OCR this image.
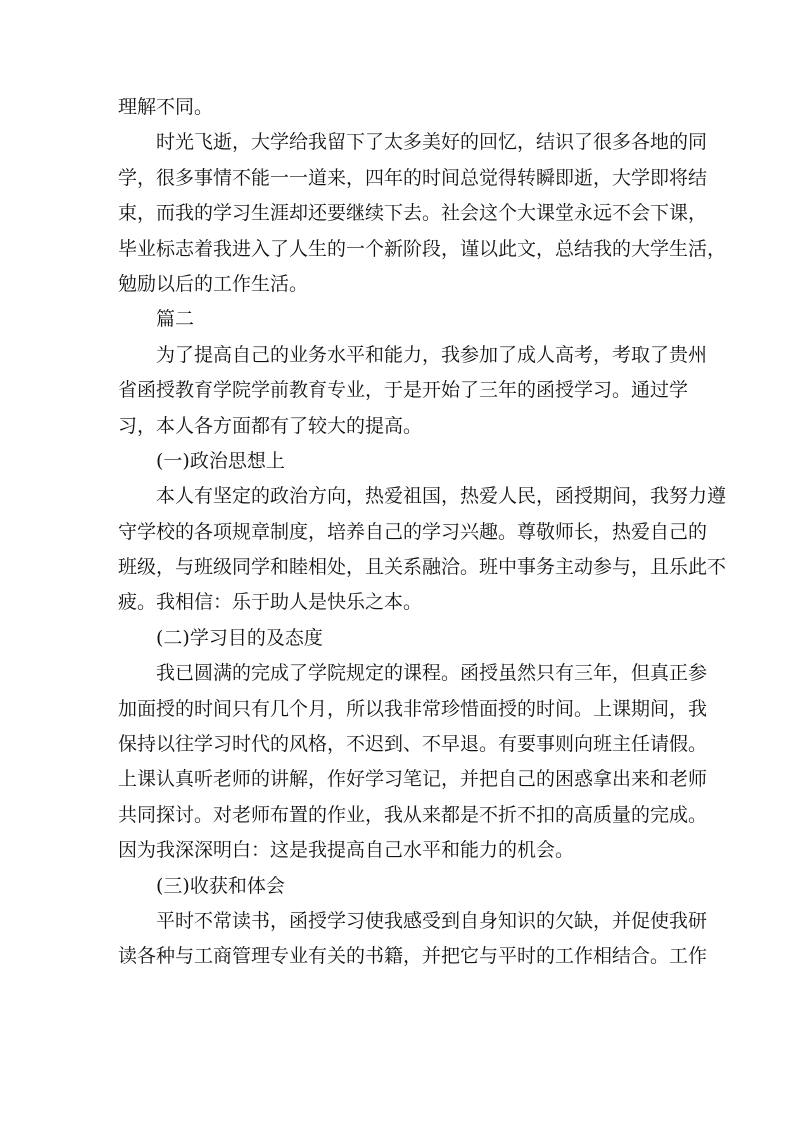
理解不同。
时光飞逝，大学给我留下了太多美好的回忆，结识了很多各地的同
学，很多事情不能一一道来，四年的时间总觉得转瞬即逝，大学即将结
束，而我的学习生涯却还要继续下去。社会这个大课堂永远不会下课，
毕业标志着我进入了人生的一个新阶段，谨以此文，总结我的大学生活，
勉励以后的工作生活。
篇二
为了提高自己的业务水平和能力，我参加了成人高考，考取了贵州
省函授教育学院学前教育专业，于是开始了三年的函授学习。通过学
习，本人各方面都有了较大的提高。
(一)政治思想上
本人有坚定的政治方向，热爱祖国，热爱人民，函授期间，我努力遵
守学校的各项规章制度，培养自己的学习兴趣。尊敬师长，热爱自己的
班级，与班级同学和睦相处，且关系融洽。班中事务主动参与，且乐此不
疲。我相信：乐于助人是快乐之本。
(二)学习目的及态度
我已圆满的完成了学院规定的课程。函授虽然只有三年，但真正参
加面授的时间只有几个月，所以我非常珍惜面授的时间。上课期间，我
保持以往学习时代的风格，不迟到、不早退。有要事则向班主任请假。
上课认真听老师的讲解，作好学习笔记，并把自己的困惑拿出来和老师
共同探讨。对老师布置的作业，我从来都是不折不扣的高质量的完成。
因为我深深明白：这是我提高自己水平和能力的机会。
(三)收获和体会
平时不常读书，函授学习使我感受到自身知识的欠缺，并促使我研
读各种与工商管理专业有关的书籍，并把它与平时的工作相结合。工作
